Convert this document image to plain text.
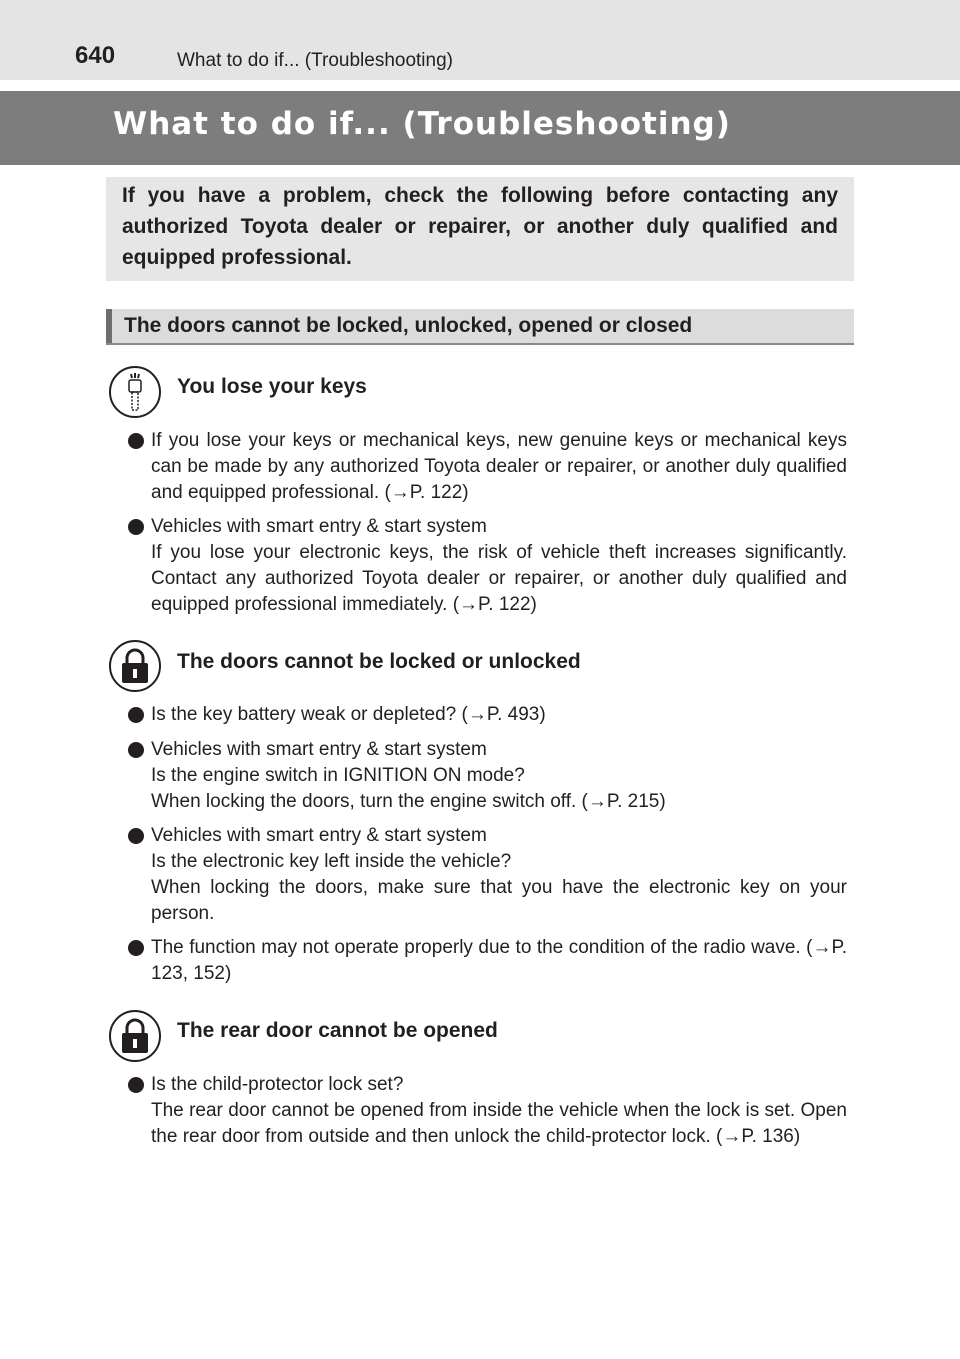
640	What to do if... (Troubleshooting)
What to do if... (Troubleshooting)
If you have a problem, check the following before contacting any authorized Toyota dealer or repairer, or another duly qualified and equipped professional.
The doors cannot be locked, unlocked, opened or closed
You lose your keys
If you lose your keys or mechanical keys, new genuine keys or mechanical keys can be made by any authorized Toyota dealer or repairer, or another duly qualified and equipped professional. (→P. 122)
Vehicles with smart entry & start system
If you lose your electronic keys, the risk of vehicle theft increases significantly. Contact any authorized Toyota dealer or repairer, or another duly qualified and equipped professional immediately. (→P. 122)
The doors cannot be locked or unlocked
Is the key battery weak or depleted? (→P. 493)
Vehicles with smart entry & start system
Is the engine switch in IGNITION ON mode?
When locking the doors, turn the engine switch off. (→P. 215)
Vehicles with smart entry & start system
Is the electronic key left inside the vehicle?
When locking the doors, make sure that you have the electronic key on your person.
The function may not operate properly due to the condition of the radio wave. (→P. 123, 152)
The rear door cannot be opened
Is the child-protector lock set?
The rear door cannot be opened from inside the vehicle when the lock is set. Open the rear door from outside and then unlock the child-protector lock. (→P. 136)
